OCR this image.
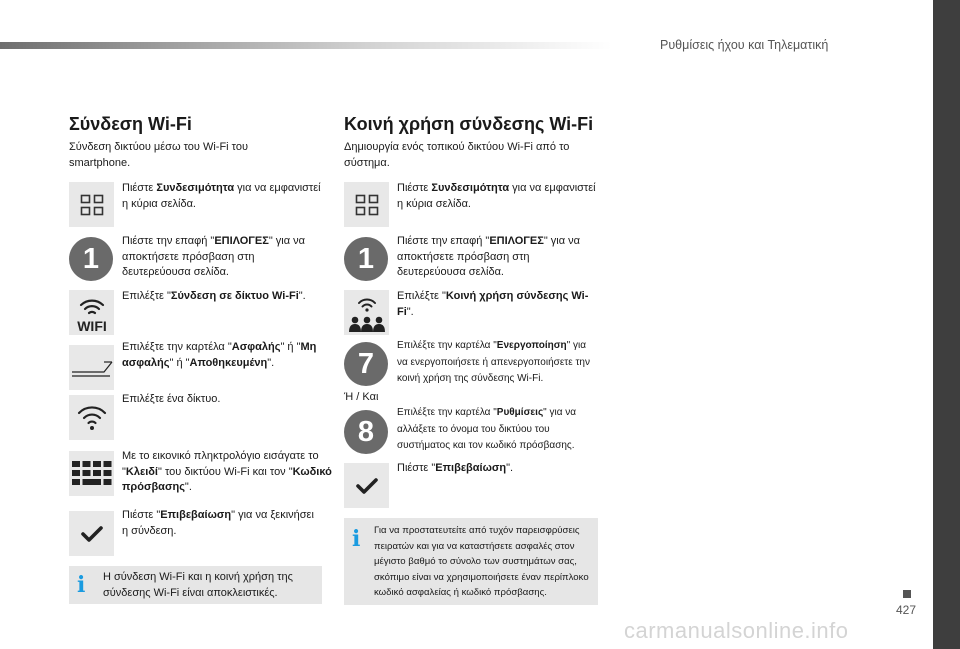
Ρυθμίσεις ήχου και Τηλεματική
427
Σύνδεση Wi-Fi
Σύνδεση δικτύου μέσω του Wi-Fi του smartphone.
Πιέστε Συνδεσιμότητα για να εμφανιστεί η κύρια σελίδα.
1
Πιέστε την επαφή "ΕΠΙΛΟΓΕΣ" για να αποκτήσετε πρόσβαση στη δευτερεύουσα σελίδα.
WIFI
Επιλέξτε "Σύνδεση σε δίκτυο Wi-Fi".
Επιλέξτε την καρτέλα "Ασφαλής" ή "Μη ασφαλής" ή "Αποθηκευμένη".
Επιλέξτε ένα δίκτυο.
Με το εικονικό πληκτρολόγιο εισάγατε το "Κλειδί" του δικτύου Wi-Fi και τον "Κωδικό πρόσβασης".
Πιέστε "Επιβεβαίωση" για να ξεκινήσει η σύνδεση.
i Η σύνδεση Wi-Fi και η κοινή χρήση της σύνδεσης Wi-Fi είναι αποκλειστικές.
Κοινή χρήση σύνδεσης Wi-Fi
Δημιουργία ενός τοπικού δικτύου Wi-Fi από το σύστημα.
Πιέστε Συνδεσιμότητα για να εμφανιστεί η κύρια σελίδα.
1
Πιέστε την επαφή "ΕΠΙΛΟΓΕΣ" για να αποκτήσετε πρόσβαση στη δευτερεύουσα σελίδα.
Επιλέξτε "Κοινή χρήση σύνδεσης Wi-Fi".
7
Επιλέξτε την καρτέλα "Ενεργοποίηση" για να ενεργοποιήσετε ή απενεργοποιήσετε την κοινή χρήση της σύνδεσης Wi-Fi.
Ή / Και
8
Επιλέξτε την καρτέλα "Ρυθμίσεις" για να αλλάξετε το όνομα του δικτύου του συστήματος και τον κωδικό πρόσβασης.
Πιέστε "Επιβεβαίωση".
i Για να προστατευτείτε από τυχόν παρεισφρύσεις πειρατών και για να καταστήσετε ασφαλές στον μέγιστο βαθμό το σύνολο των συστημάτων σας, σκόπιμο είναι να χρησιμοποιήσετε έναν περίπλοκο κωδικό ασφαλείας ή κωδικό πρόσβασης.
carmanualsonline.info
